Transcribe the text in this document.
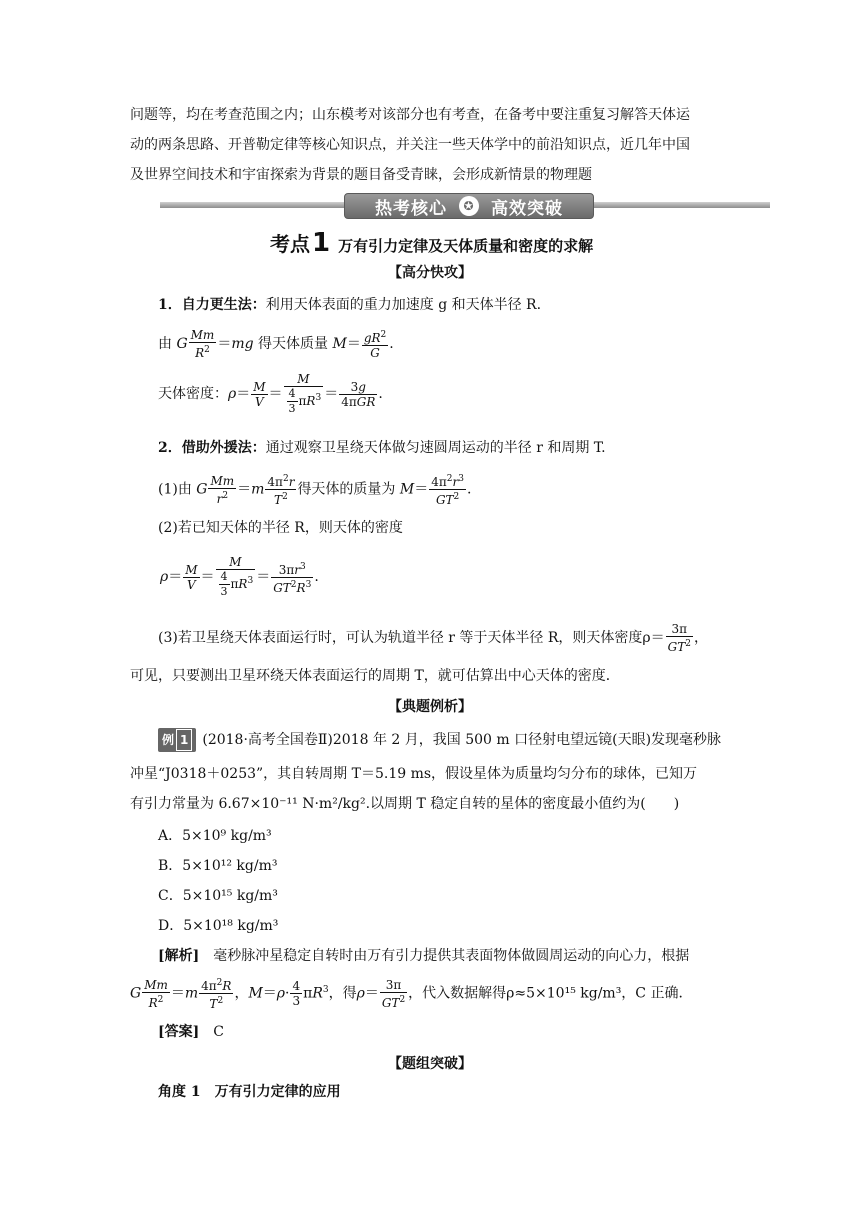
问题等，均在考查范围之内；山东模考对该部分也有考查，在备考中要注重复习解答天体运
动的两条思路、开普勒定律等核心知识点，并关注一些天体学中的前沿知识点，近几年中国
及世界空间技术和宇宙探索为背景的题目备受青睐，会形成新情景的物理题
热考核心	✪ 高效突破
考点1 万有引力定律及天体质量和密度的求解
【高分快攻】
1．自力更生法：利用天体表面的重力加速度 g 和天体半径 R.
由 G $\frac{Mm}{R^2} =mg$ 得天体质量 $M= \frac{gR^2}{G}$ .
天体密度：$\rho= \frac{M}{V} = \frac{M}{\frac{4}{3} \pi R^3} = \frac{3g}{\text{4πGR}}$ .
2．借助外援法：通过观察卫星绕天体做匀速圆周运动的半径 r 和周期 T.
(1)由 G $\frac{Mm}{r^2} =m \frac{4\pi^2r}{T^2}$ 得天体的质量为 $M= \frac{4\pi^2r^3}{GT^2}$ .
(2)若已知天体的半径 R，则天体的密度
$\rho= \frac{M}{V} = \frac{M}{\frac{4}{3} \pi R^3} = \frac{3\pi r^3}{GT^2R^3}$ .
(3)若卫星绕天体表面运行时，可认为轨道半径 r 等于天体半径 R，则天体密度$\rho= \frac{3\pi}{GT^2}$ ，
可见，只要测出卫星环绕天体表面运行的周期 T，就可估算出中心天体的密度．
【典题例析】
例 1 (2018·高考全国卷Ⅱ)2018 年 2 月，我国 500 m 口径射电望远镜(天眼)发现毫秒脉
冲星“J0318＋0253”，其自转周期 T＝5.19 ms，假设星体为质量均匀分布的球体，已知万
有引力常量为 6.67×10⁻¹¹ N·m²/kg².以周期 T 稳定自转的星体的密度最小值约为(　　)
A．5×10⁹ kg/m³
B．5×10¹² kg/m³
C．5×10¹⁵ kg/m³
D．5×10¹⁸ kg/m³
[解析]　 毫秒脉冲星稳定自转时由万有引力提供其表面物体做圆周运动的向心力，根据
G $\frac{Mm}{R^2} =m \frac{4\pi^2R}{T^2}$ ，$M=\rho\cdot \frac{4}{3} \pi R^3$，得$\rho= \frac{3\pi}{GT^2}$ ，代入数据解得ρ≈5×10¹⁵ kg/m³，C 正确．
[答案]　 C
【题组突破】
角度 1　万有引力定律的应用
